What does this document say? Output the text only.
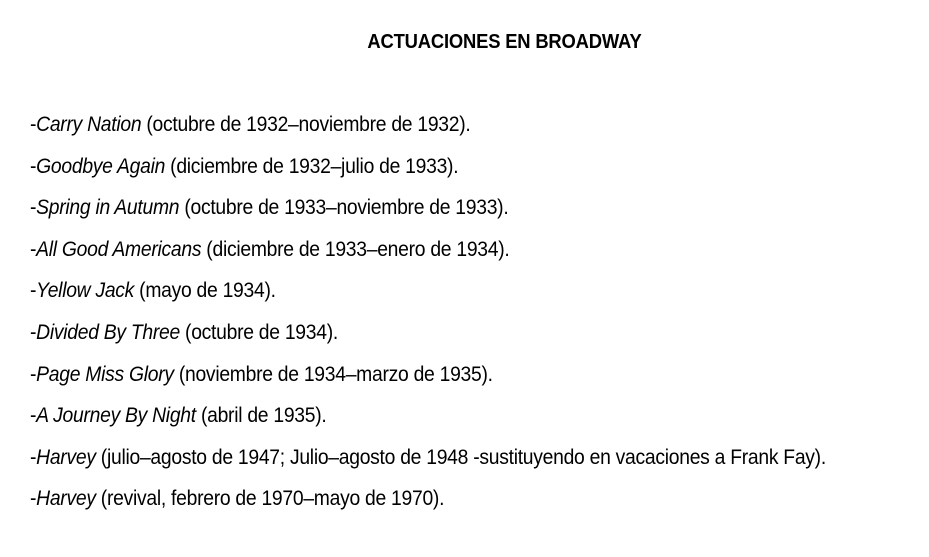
ACTUACIONES EN BROADWAY
-Carry Nation (octubre de 1932–noviembre de 1932).
-Goodbye Again (diciembre de 1932–julio de 1933).
-Spring in Autumn (octubre de 1933–noviembre de 1933).
-All Good Americans (diciembre de 1933–enero de 1934).
-Yellow Jack (mayo de 1934).
-Divided By Three (octubre de 1934).
-Page Miss Glory (noviembre de 1934–marzo de 1935).
-A Journey By Night (abril de 1935).
-Harvey (julio–agosto de 1947; Julio–agosto de 1948 -sustituyendo en vacaciones a Frank Fay).
-Harvey (revival, febrero de 1970–mayo de 1970).
